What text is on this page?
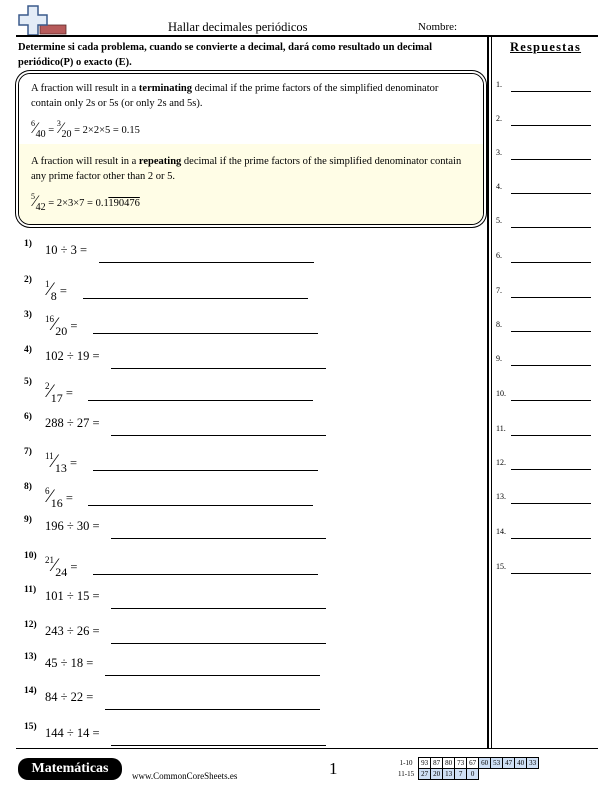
Hallar decimales periódicos	Nombre:
Determine si cada problema, cuando se convierte a decimal, dará como resultado un decimal periódico(P) o exacto (E).
Respuestas
A fraction will result in a terminating decimal if the prime factors of the simplified denominator contain only 2s or 5s (or only 2s and 5s).
$^6$⁄40 = $^3$⁄20 = 2×2×5 = 0.15
A fraction will result in a repeating decimal if the prime factors of the simplified denominator contain any prime factor other than 2 or 5.
$^5$⁄42 = 2×3×7 = 0.1190476
1) 10 ÷ 3 =
2) $^1$⁄8 =
3) $^{16}$⁄20 =
4) 102 ÷ 19 =
5) $^2$⁄17 =
6) 288 ÷ 27 =
7) $^{11}$⁄13 =
8) $^6$⁄16 =
9) 196 ÷ 30 =
10) $^{21}$⁄24 =
11) 101 ÷ 15 =
12) 243 ÷ 26 =
13) 45 ÷ 18 =
14) 84 ÷ 22 =
15) 144 ÷ 14 =
1.
2.
3.
4.
5.
6.
7.
8.
9.
10.
11.
12.
13.
14.
15.
Matemáticas	www.CommonCoreSheets.es	1	1-10	93	87	80	73	67	60	53	47	40	33
11-15	27	20	13	7	0					
